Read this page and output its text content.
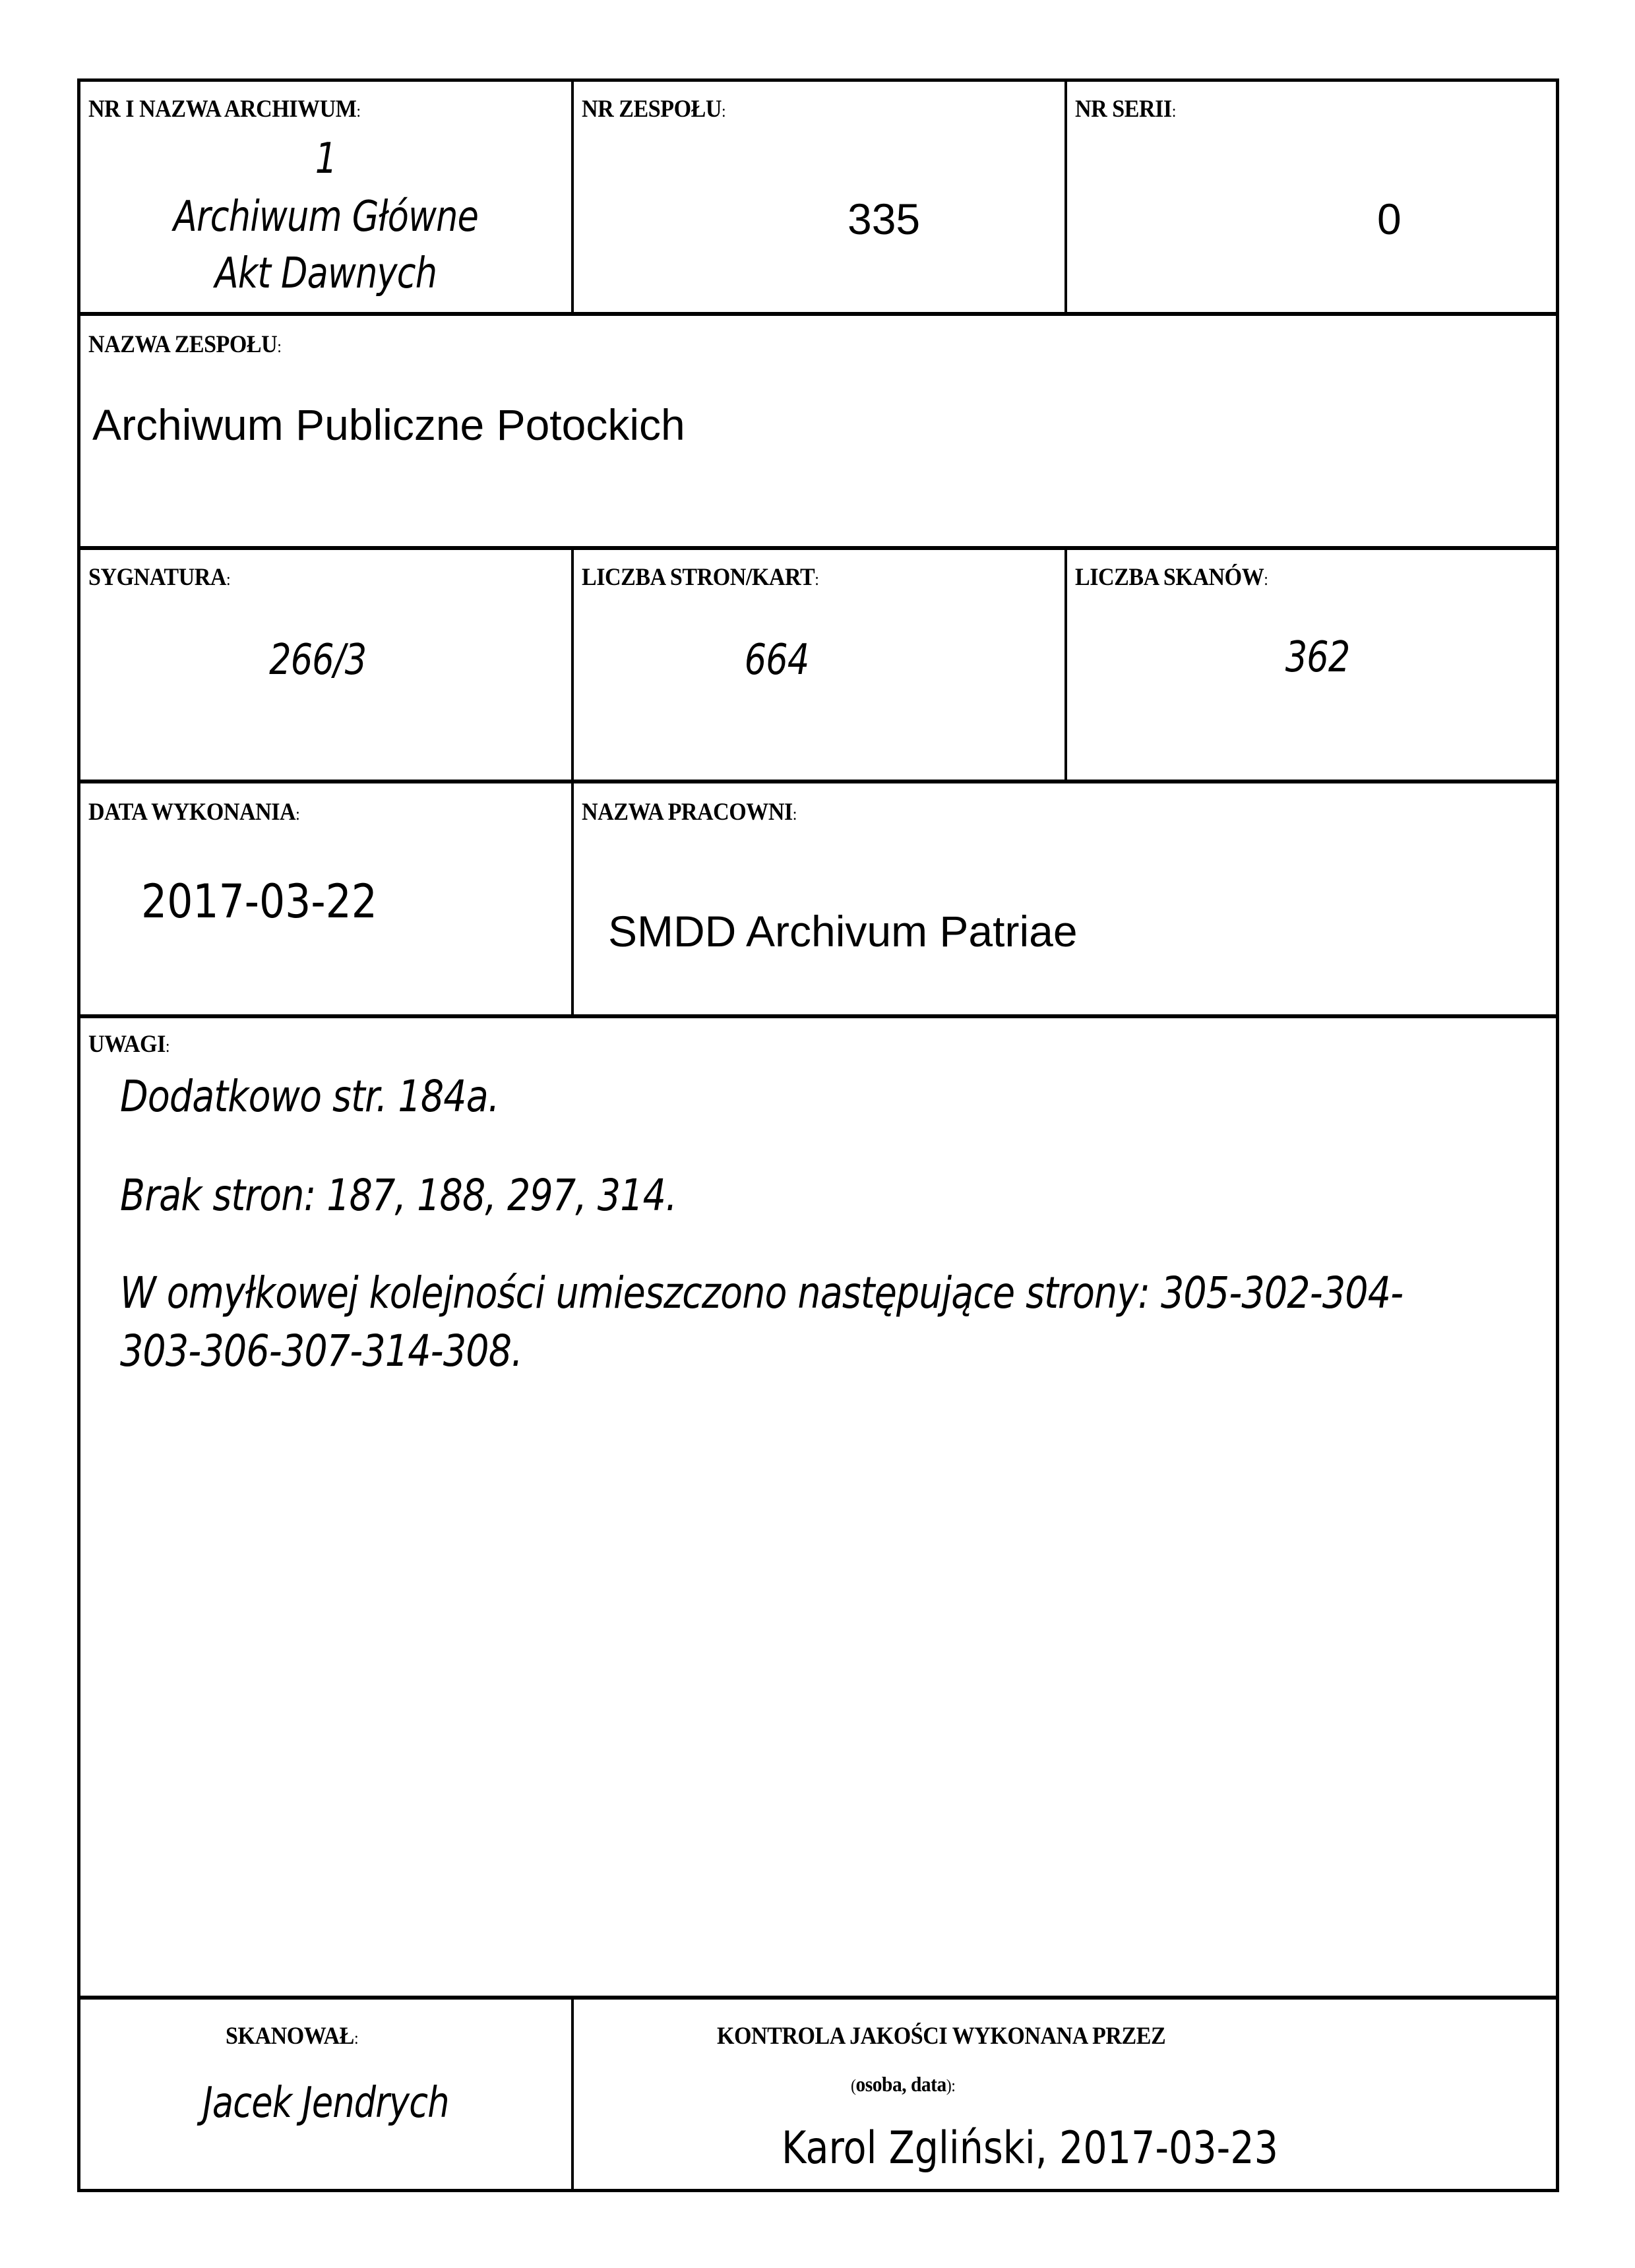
NR I NAZWA ARCHIWUM:
1
Archiwum Główne
Akt Dawnych
NR ZESPOŁU:
335
NR SERII:
0
NAZWA ZESPOŁU:
Archiwum Publiczne Potockich
SYGNATURA:
266/3
LICZBA STRON/KART:
664
LICZBA SKANÓW:
362
DATA WYKONANIA:
2017-03-22
NAZWA PRACOWNI:
SMDD Archivum Patriae
UWAGI:
Dodatkowo str. 184a.
Brak stron: 187, 188, 297, 314.
W omyłkowej kolejności umieszczono następujące strony: 305-302-304-
303-306-307-314-308.
SKANOWAŁ:
Jacek Jendrych
KONTROLA JAKOŚCI WYKONANA PRZEZ
(osoba, data):
Karol Zgliński, 2017-03-23
